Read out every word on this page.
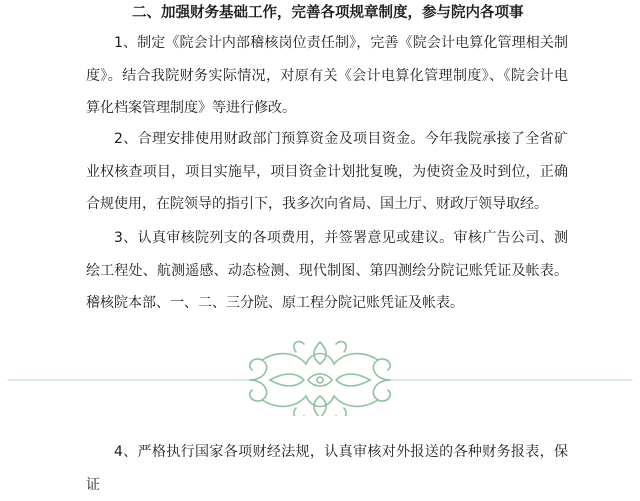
二、加强财务基础工作，完善各项规章制度，参与院内各项事

1、制定《院会计内部稽核岗位责任制》，完善《院会计电算化管理相关制度》。结合我院财务实际情况，对原有关《会计电算化管理制度》、《院会计电算化档案管理制度》等进行修改。

2、合理安排使用财政部门预算资金及项目资金。今年我院承接了全省矿业权核查项目，项目实施早，项目资金计划批复晚，为使资金及时到位，正确合规使用，在院领导的指引下，我多次向省局、国土厅、财政厅领导取经。

3、认真审核院列支的各项费用，并签署意见或建议。审核广告公司、测绘工程处、航测遥感、动态检测、现代制图、第四测绘分院记账凭证及帐表。稽核院本部、一、二、三分院、原工程分院记账凭证及帐表。

4、严格执行国家各项财经法规，认真审核对外报送的各种财务报表，保证
